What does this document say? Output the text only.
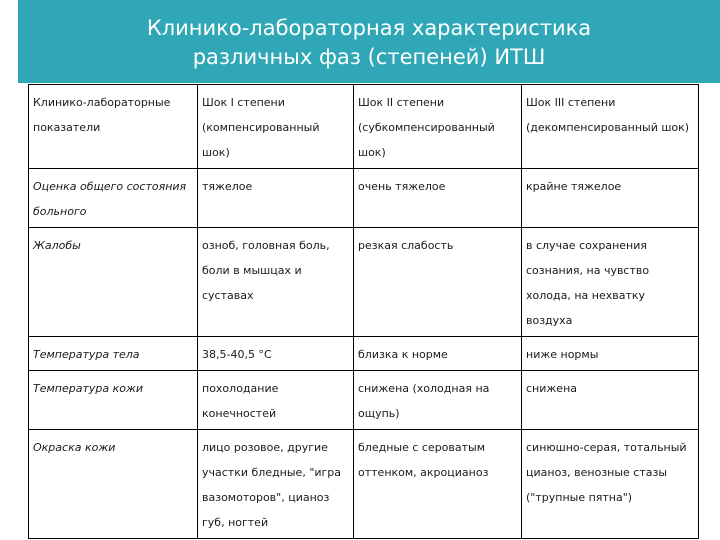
Клинико-лабораторная характеристика
различных фаз (степеней) ИТШ
Клинико-лабораторные показатели	Шок I степени (компенсированный шок)	Шок II степени (субкомпенсированный шок)	Шок III степени (декомпенсированный шок)
Оценка общего состояния больного	тяжелое	очень тяжелое	крайне тяжелое
Жалобы	озноб, головная боль, боли в мышцах и суставах	резкая слабость	в случае сохранения сознания, на чувство холода, на нехватку воздуха
Температура тела	38,5-40,5 °С	близка к норме	ниже нормы
Температура кожи	похолодание конечностей	снижена (холодная на ощупь)	снижена
Окраска кожи	лицо розовое, другие участки бледные, "игра вазомоторов", цианоз губ, ногтей	бледные с сероватым оттенком, акроцианоз	синюшно-серая, тотальный цианоз, венозные стазы ("трупные пятна")
